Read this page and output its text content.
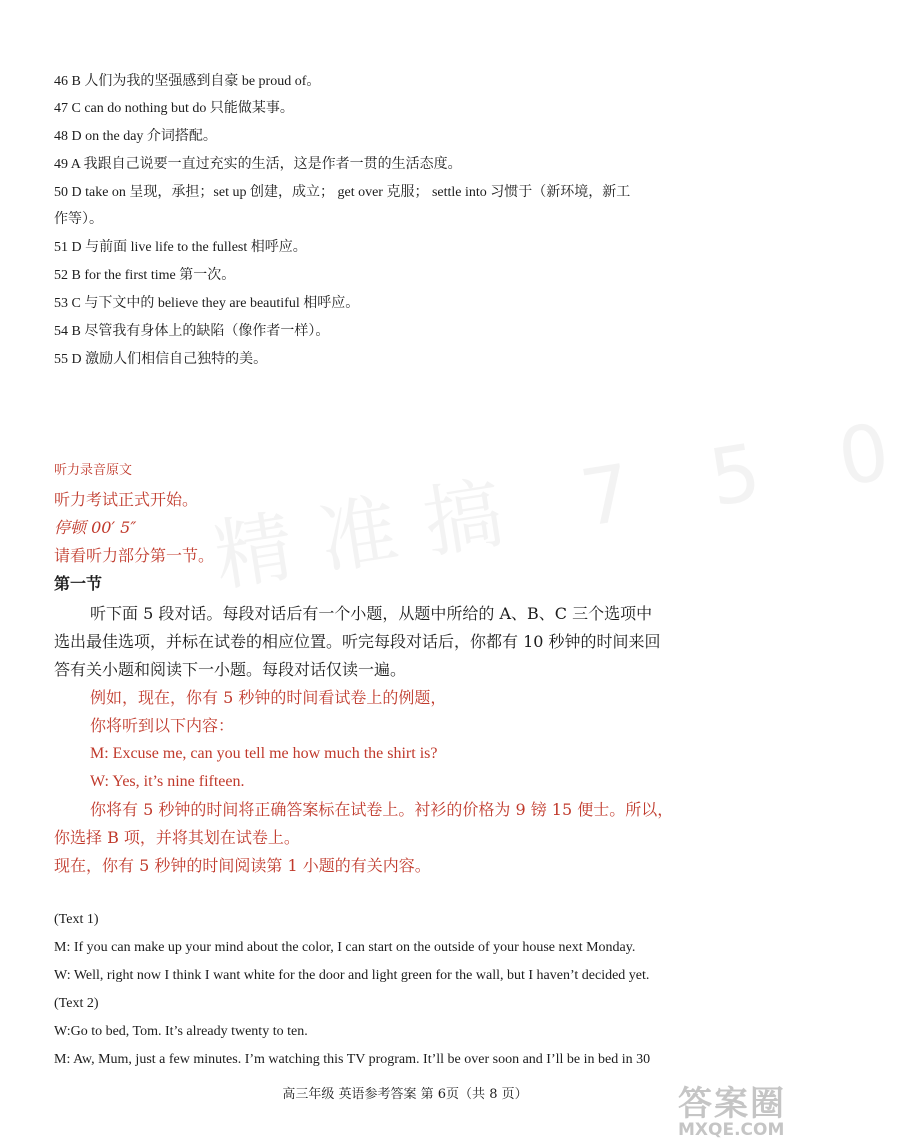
精准搞 7 5 0
46 B 人们为我的坚强感到自豪 be proud of。
47 C can do nothing but do 只能做某事。
48 D on the day 介词搭配。
49 A 我跟自己说要一直过充实的生活，这是作者一贯的生活态度。
50 D take on 呈现，承担；set up 创建，成立； get over 克服； settle into 习惯于（新环境，新工
作等）。
51 D 与前面 live life to the fullest 相呼应。
52 B for the first time 第一次。
53 C 与下文中的 believe they are beautiful 相呼应。
54 B 尽管我有身体上的缺陷（像作者一样）。
55 D 激励人们相信自己独特的美。
听力录音原文
听力考试正式开始。
停顿 00′ 5″
请看听力部分第一节。
第一节
听下面 5 段对话。每段对话后有一个小题，从题中所给的 A、B、C 三个选项中
选出最佳选项，并标在试卷的相应位置。听完每段对话后，你都有 10 秒钟的时间来回
答有关小题和阅读下一小题。每段对话仅读一遍。
例如，现在，你有 5 秒钟的时间看试卷上的例题，
你将听到以下内容：
M: Excuse me, can you tell me how much the shirt is?
W: Yes, it’s nine fifteen.
你将有 5 秒钟的时间将正确答案标在试卷上。衬衫的价格为 9 镑 15 便士。所以，
你选择 B 项，并将其划在试卷上。
现在，你有 5 秒钟的时间阅读第 1 小题的有关内容。
(Text 1)
M: If you can make up your mind about the color, I can start on the outside of your house next Monday.
W: Well, right now I think I want white for the door and light green for the wall, but I haven’t decided yet.
(Text 2)
W:Go to bed, Tom. It’s already twenty to ten.
M: Aw, Mum, just a few minutes. I’m watching this TV program. It’ll be over soon and I’ll be in bed in 30
高三年级 英语参考答案 第 6页（共 8 页）	答案圈
MXQE.COM
